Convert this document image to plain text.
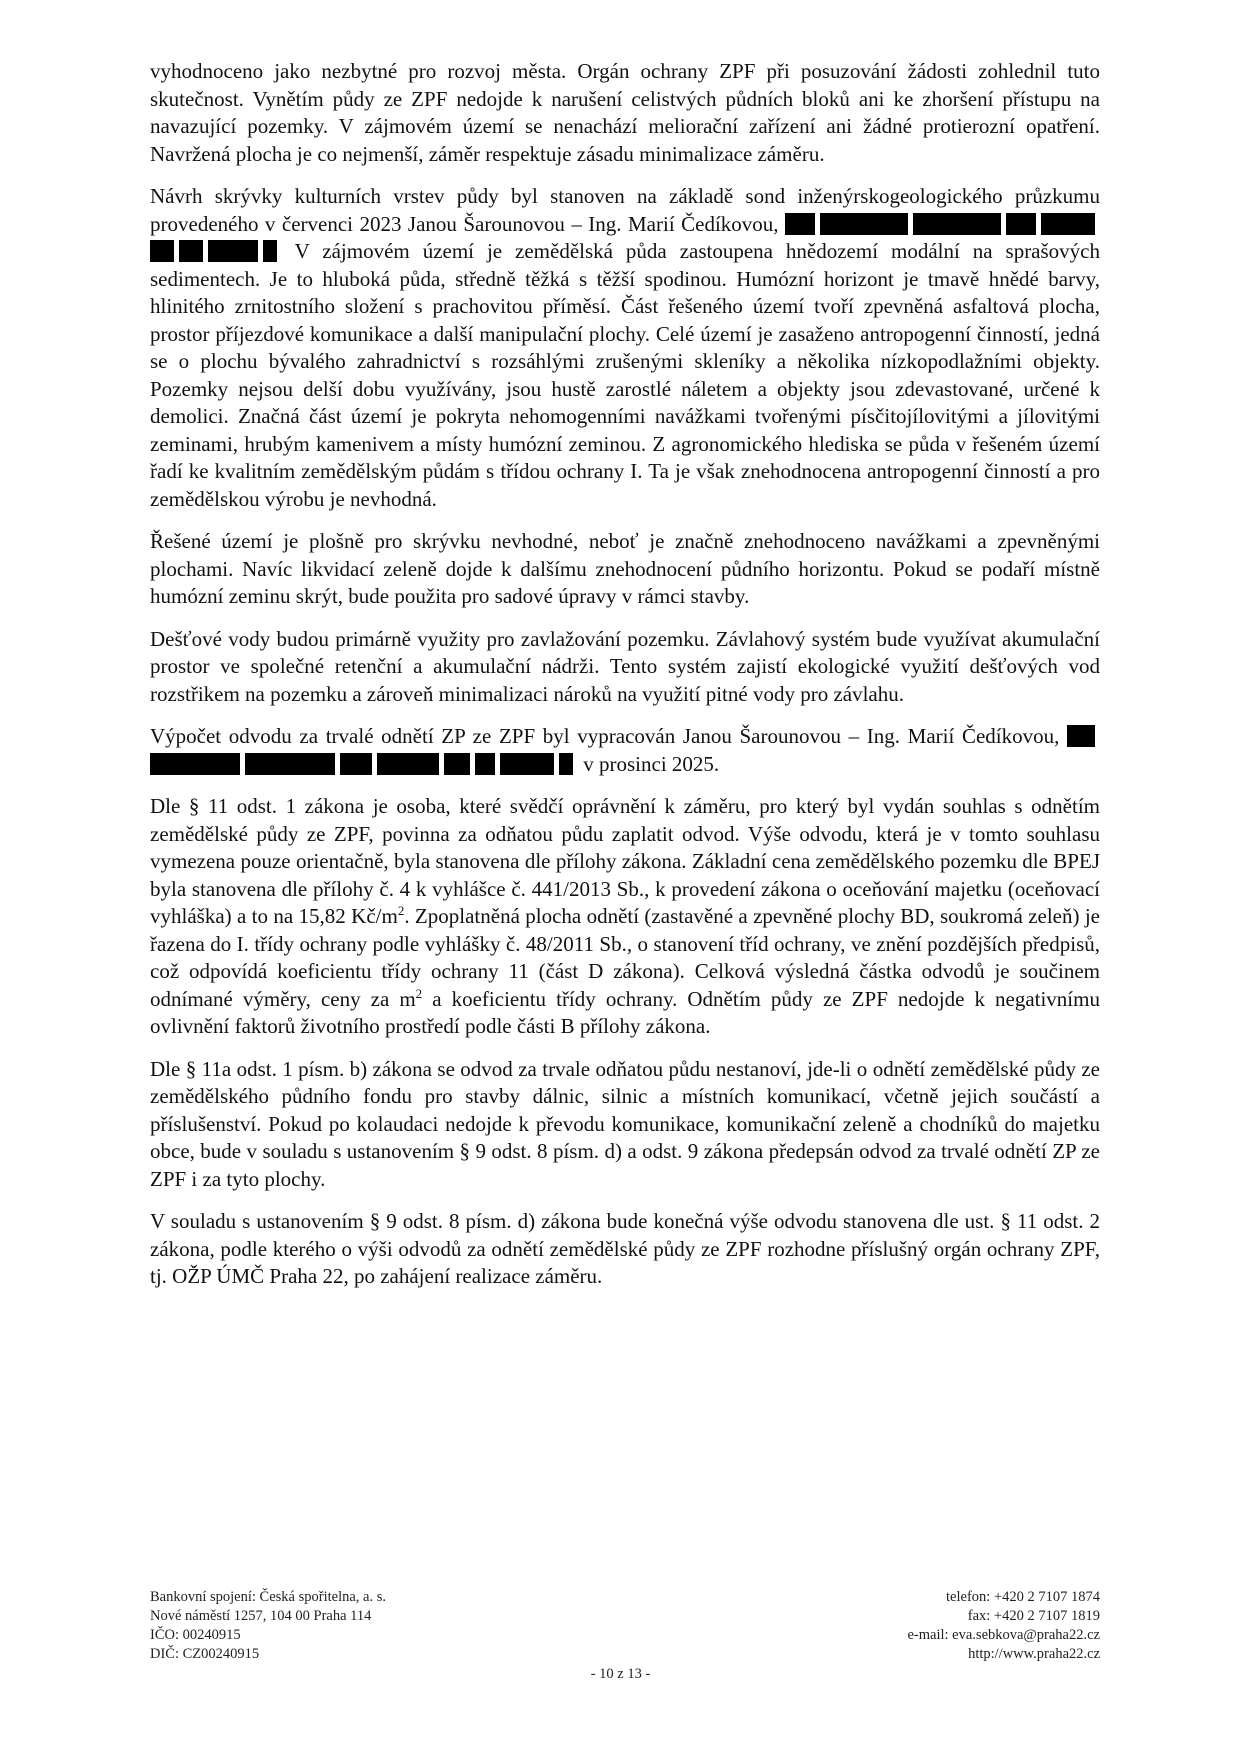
vyhodnoceno jako nezbytné pro rozvoj města. Orgán ochrany ZPF při posuzování žádosti zohlednil tuto skutečnost. Vynětím půdy ze ZPF nedojde k narušení celistvých půdních bloků ani ke zhoršení přístupu na navazující pozemky. V zájmovém území se nenachází meliorační zařízení ani žádné protierozní opatření. Navržená plocha je co nejmenší, záměr respektuje zásadu minimalizace záměru.

Návrh skrývky kulturních vrstev půdy byl stanoven na základě sond inženýrskogeologického průzkumu provedeného v červenci 2023 Janou Šarounovou – Ing. Marií Čedíkovou,  V zájmovém území je zemědělská půda zastoupena hnědozemí modální na sprašových sedimentech. Je to hluboká půda, středně těžká s těžší spodinou. Humózní horizont je tmavě hnědé barvy, hlinitého zrnitostního složení s prachovitou příměsí. Část řešeného území tvoří zpevněná asfaltová plocha, prostor příjezdové komunikace a další manipulační plochy. Celé území je zasaženo antropogenní činností, jedná se o plochu bývalého zahradnictví s rozsáhlými zrušenými skleníky a několika nízkopodlažními objekty. Pozemky nejsou delší dobu využívány, jsou hustě zarostlé náletem a objekty jsou zdevastované, určené k demolici. Značná část území je pokryta nehomogenními navážkami tvořenými písčitojílovitými a jílovitými zeminami, hrubým kamenivem a místy humózní zeminou. Z agronomického hlediska se půda v řešeném území řadí ke kvalitním zemědělským půdám s třídou ochrany I. Ta je však znehodnocena antropogenní činností a pro zemědělskou výrobu je nevhodná.

Řešené území je plošně pro skrývku nevhodné, neboť je značně znehodnoceno navážkami a zpevněnými plochami. Navíc likvidací zeleně dojde k dalšímu znehodnocení půdního horizontu. Pokud se podaří místně humózní zeminu skrýt, bude použita pro sadové úpravy v rámci stavby.

Dešťové vody budou primárně využity pro zavlažování pozemku. Závlahový systém bude využívat akumulační prostor ve společné retenční a akumulační nádrži. Tento systém zajistí ekologické využití dešťových vod rozstřikem na pozemku a zároveň minimalizaci nároků na využití pitné vody pro závlahu.

Výpočet odvodu za trvalé odnětí ZP ze ZPF byl vypracován Janou Šarounovou – Ing. Marií Čedíkovou,  v prosinci 2025.

Dle § 11 odst. 1 zákona je osoba, které svědčí oprávnění k záměru, pro který byl vydán souhlas s odnětím zemědělské půdy ze ZPF, povinna za odňatou půdu zaplatit odvod. Výše odvodu, která je v tomto souhlasu vymezena pouze orientačně, byla stanovena dle přílohy zákona. Základní cena zemědělského pozemku dle BPEJ byla stanovena dle přílohy č. 4 k vyhlášce č. 441/2013 Sb., k provedení zákona o oceňování majetku (oceňovací vyhláška) a to na 15,82 $Kč/m^2$. Zpoplatněná plocha odnětí (zastavěné a zpevněné plochy BD, soukromá zeleň) je řazena do I. třídy ochrany podle vyhlášky č. 48/2011 Sb., o stanovení tříd ochrany, ve znění pozdějších předpisů, což odpovídá koeficientu třídy ochrany 11 (část D zákona). Celková výsledná částka odvodů je součinem odnímané výměry, ceny za $m^2$ a koeficientu třídy ochrany. Odnětím půdy ze ZPF nedojde k negativnímu ovlivnění faktorů životního prostředí podle části B přílohy zákona.

Dle § 11a odst. 1 písm. b) zákona se odvod za trvale odňatou půdu nestanoví, jde-li o odnětí zemědělské půdy ze zemědělského půdního fondu pro stavby dálnic, silnic a místních komunikací, včetně jejich součástí a příslušenství. Pokud po kolaudaci nedojde k převodu komunikace, komunikační zeleně a chodníků do majetku obce, bude v souladu s ustanovením § 9 odst. 8 písm. d) a odst. 9 zákona předepsán odvod za trvalé odnětí ZP ze ZPF i za tyto plochy.

V souladu s ustanovením § 9 odst. 8 písm. d) zákona bude konečná výše odvodu stanovena dle ust. § 11 odst. 2 zákona, podle kterého o výši odvodů za odnětí zemědělské půdy ze ZPF rozhodne příslušný orgán ochrany ZPF, tj. OŽP ÚMČ Praha 22, po zahájení realizace záměru.

Bankovní spojení: Česká spořitelna, a. s.
Nové náměstí 1257, 104 00 Praha 114
IČO: 00240915
DIČ: CZ00240915
telefon: +420 2 7107 1874
fax: +420 2 7107 1819
e-mail: eva.sebkova@praha22.cz
http://www.praha22.cz
- 10 z 13 -
